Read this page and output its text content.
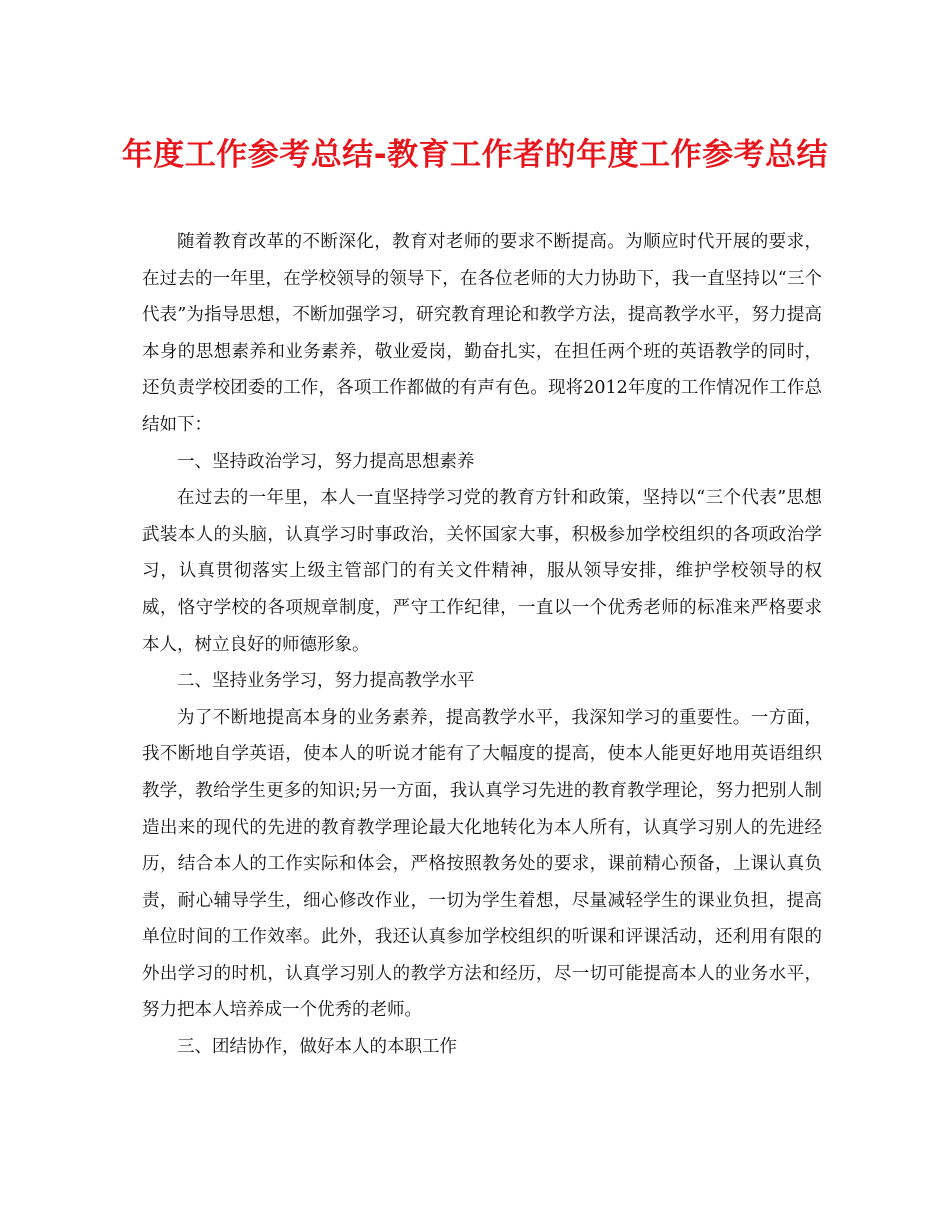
年度工作参考总结-教育工作者的年度工作参考总结

随着教育改革的不断深化，教育对老师的要求不断提高。为顺应时代开展的要求，在过去的一年里，在学校领导的领导下，在各位老师的大力协助下，我一直坚持以“三个代表”为指导思想，不断加强学习，研究教育理论和教学方法，提高教学水平，努力提高本身的思想素养和业务素养，敬业爱岗，勤奋扎实，在担任两个班的英语教学的同时，还负责学校团委的工作，各项工作都做的有声有色。现将2012年度的工作情况作工作总结如下：

一、坚持政治学习，努力提高思想素养

在过去的一年里，本人一直坚持学习党的教育方针和政策，坚持以“三个代表”思想武装本人的头脑，认真学习时事政治，关怀国家大事，积极参加学校组织的各项政治学习，认真贯彻落实上级主管部门的有关文件精神，服从领导安排，维护学校领导的权威，恪守学校的各项规章制度，严守工作纪律，一直以一个优秀老师的标准来严格要求本人，树立良好的师德形象。

二、坚持业务学习，努力提高教学水平

为了不断地提高本身的业务素养，提高教学水平，我深知学习的重要性。一方面，我不断地自学英语，使本人的听说才能有了大幅度的提高，使本人能更好地用英语组织教学，教给学生更多的知识;另一方面，我认真学习先进的教育教学理论，努力把别人制造出来的现代的先进的教育教学理论最大化地转化为本人所有，认真学习别人的先进经历，结合本人的工作实际和体会，严格按照教务处的要求，课前精心预备，上课认真负责，耐心辅导学生，细心修改作业，一切为学生着想，尽量减轻学生的课业负担，提高单位时间的工作效率。此外，我还认真参加学校组织的听课和评课活动，还利用有限的外出学习的时机，认真学习别人的教学方法和经历，尽一切可能提高本人的业务水平，努力把本人培养成一个优秀的老师。

三、团结协作，做好本人的本职工作
